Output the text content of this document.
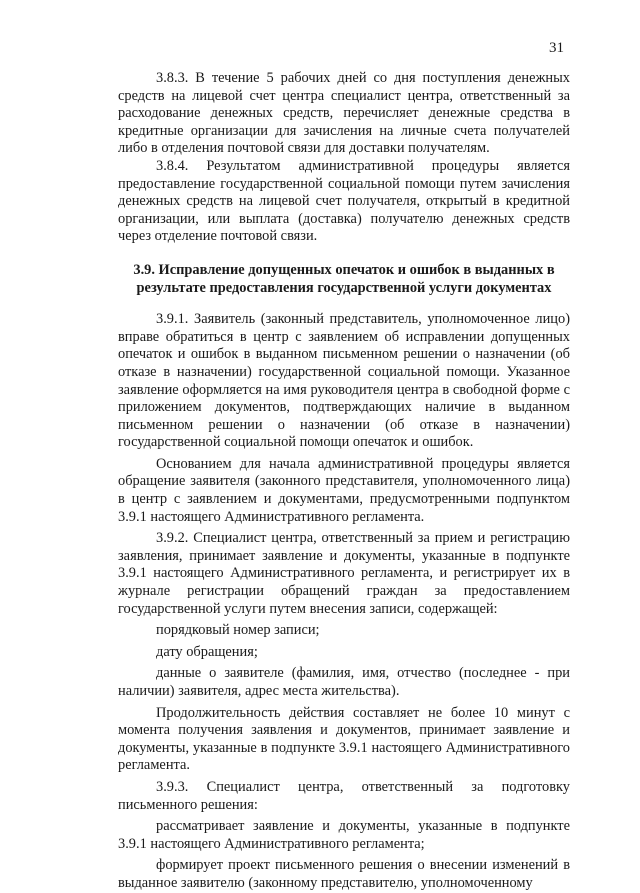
31

3.8.3. В течение 5 рабочих дней со дня поступления денежных средств на лицевой счет центра специалист центра, ответственный за расходование денежных средств, перечисляет денежные средства в кредитные организации для зачисления на личные счета получателей либо в отделения почтовой связи для доставки получателям.

3.8.4. Результатом административной процедуры является предоставление государственной социальной помощи путем зачисления денежных средств на лицевой счет получателя, открытый в кредитной организации, или выплата (доставка) получателю денежных средств через отделение почтовой связи.

3.9. Исправление допущенных опечаток и ошибок в выданных в результате предоставления государственной услуги документах

3.9.1. Заявитель (законный представитель, уполномоченное лицо) вправе обратиться в центр с заявлением об исправлении допущенных опечаток и ошибок в выданном письменном решении о назначении (об отказе в назначении) государственной социальной помощи. Указанное заявление оформляется на имя руководителя центра в свободной форме с приложением документов, подтверждающих наличие в выданном письменном решении о назначении (об отказе в назначении) государственной социальной помощи опечаток и ошибок.

Основанием для начала административной процедуры является обращение заявителя (законного представителя, уполномоченного лица) в центр с заявлением и документами, предусмотренными подпунктом 3.9.1 настоящего Административного регламента.

3.9.2. Специалист центра, ответственный за прием и регистрацию заявления, принимает заявление и документы, указанные в подпункте 3.9.1 настоящего Административного регламента, и регистрирует их в журнале регистрации обращений граждан за предоставлением государственной услуги путем внесения записи, содержащей:

порядковый номер записи;

дату обращения;

данные о заявителе (фамилия, имя, отчество (последнее - при наличии) заявителя, адрес места жительства).

Продолжительность действия составляет не более 10 минут с момента получения заявления и документов, принимает заявление и документы, указанные в подпункте 3.9.1 настоящего Административного регламента.

3.9.3. Специалист центра, ответственный за подготовку письменного решения:

рассматривает заявление и документы, указанные в подпункте 3.9.1 настоящего Административного регламента;

формирует проект письменного решения о внесении изменений в выданное заявителю (законному представителю, уполномоченному
